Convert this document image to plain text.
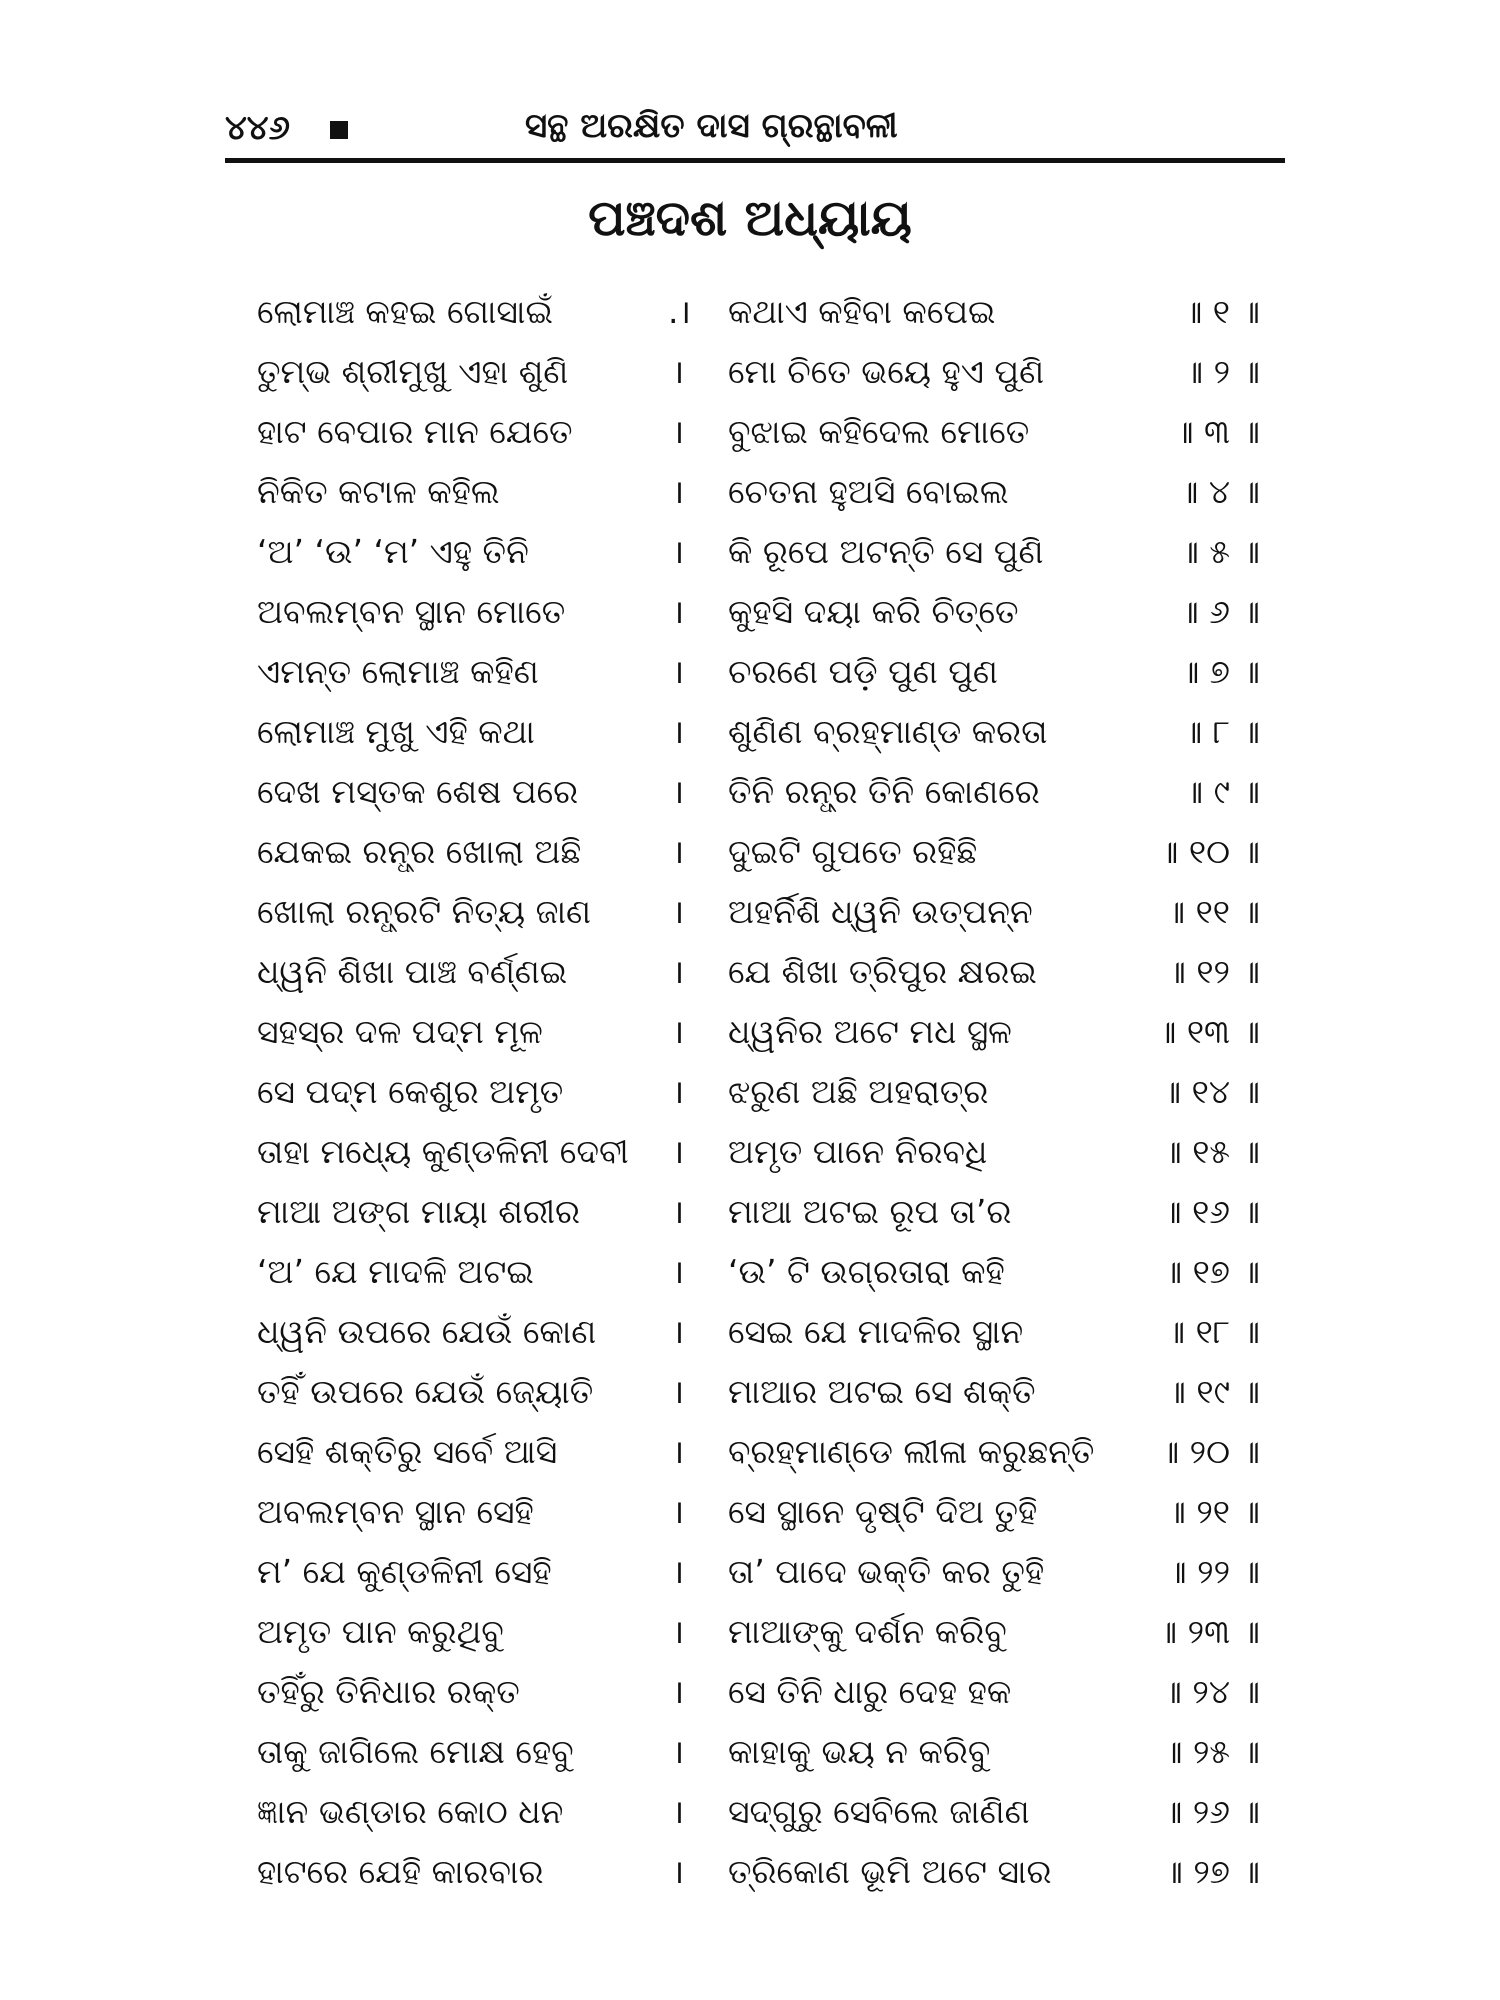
୪୪୬	ସନ୍ଥ ଅରକ୍ଷିତ ଦାସ ଗ୍ରନ୍ଥାବଳୀ
ପଞ୍ଚଦଶ ଅଧ୍ୟାୟ
ଲୋମାଞ୍ଚ କହଇ ଗୋସାଇଁ	.। କଥାଏ କହିବା କପେଇ	॥ ୧ ॥
ତୁମ୍ଭ ଶ୍ରୀମୁଖୁ ଏହା ଶୁଣି	। ମୋ ଚିତେ ଭୟେ ହୁଏ ପୁଣି	॥ ୨ ॥
ହାଟ ବେପାର ମାନ ଯେତେ	। ବୁଝାଇ କହିଦେଲ ମୋତେ	॥ ୩ ॥
ନିକିତ କଟାଳ କହିଲ	। ଚେତନା ହୁଅସି ବୋଇଲ	॥ ୪ ॥
‘ଅ’ ‘ଉ’ ‘ମ’ ଏହୁ ତିନି	। କି ରୂପେ ଅଟନ୍ତି ସେ ପୁଣି	॥ ୫ ॥
ଅବଲମ୍ବନ ସ୍ଥାନ ମୋତେ	। କୁହସି ଦୟା କରି ଚିତ୍ତେ	॥ ୬ ॥
ଏମନ୍ତ ଲୋମାଞ୍ଚ କହିଣ	। ଚରଣେ ପଡ଼ି ପୁଣ ପୁଣ	॥ ୭ ॥
ଲୋମାଞ୍ଚ ମୁଖୁ ଏହି କଥା	। ଶୁଣିଣ ବ୍ରହ୍ମାଣ୍ଡ କରତା	॥ ୮ ॥
ଦେଖ ମସ୍ତକ ଶେଷ ପରେ	। ତିନି ରନ୍ଧ୍ର ତିନି କୋଣରେ	॥ ୯ ॥
ଯେକଇ ରନ୍ଧ୍ର ଖୋଲା ଅଛି	। ଦୁଇଟି ଗୁପତେ ରହିଛି	॥ ୧୦ ॥
ଖୋଲା ରନ୍ଧ୍ରଟି ନିତ୍ୟ ଜାଣ । ଅହର୍ନିଶି ଧ୍ୱନି ଉତ୍ପନ୍ନ	॥ ୧୧ ॥
ଧ୍ୱନି ଶିଖା ପାଞ୍ଚ ବର୍ଣ୍ଣଇ	। ଯେ ଶିଖା ତ୍ରିପୁର କ୍ଷରଇ	॥ ୧୨ ॥
ସହସ୍ର ଦଳ ପଦ୍ମ ମୂଳ	। ଧ୍ୱନିର ଅଟେ ମଧ ସ୍ଥଳ	॥ ୧୩ ॥
ସେ ପଦ୍ମ କେଶୁର ଅମୃତ	। ଝରୁଣ ଅଛି ଅହରାତ୍ର	॥ ୧୪ ॥
ତାହା ମଧ୍ୟେ କୁଣ୍ଡଳିନୀ ଦେବୀ । ଅମୃତ ପାନେ ନିରବଧି	॥ ୧୫ ॥
ମାଆ ଅଙ୍ଗ ମାୟା ଶରୀର	। ମାଆ ଅଟଇ ରୂପ ତା’ର	॥ ୧୬ ॥
‘ଅ’ ଯେ ମାଦଳି ଅଟଇ	। ‘ଉ’ ଟି ଉଗ୍ରତାରା କହି	॥ ୧୭ ॥
ଧ୍ୱନି ଉପରେ ଯେଉଁ କୋଣ । ସେଇ ଯେ ମାଦଳିର ସ୍ଥାନ	॥ ୧୮ ॥
ତହିଁ ଉପରେ ଯେଉଁ ଜ୍ୟୋତି । ମାଆର ଅଟଇ ସେ ଶକ୍ତି	॥ ୧୯ ॥
ସେହି ଶକ୍ତିରୁ ସର୍ବେ ଆସି	। ବ୍ରହ୍ମାଣ୍ଡେ ଲୀଳା କରୁଛନ୍ତି ॥ ୨୦ ॥
ଅବଲମ୍ବନ ସ୍ଥାନ ସେହି	। ସେ ସ୍ଥାନେ ଦୃଷ୍ଟି ଦିଅ ତୁହି	॥ ୨୧ ॥
ମ’ ଯେ କୁଣ୍ଡଳିନୀ ସେହି	। ତା’ ପାଦେ ଭକ୍ତି କର ତୁହି	॥ ୨୨ ॥
ଅମୃତ ପାନ କରୁଥିବୁ	। ମାଆଙ୍କୁ ଦର୍ଶନ କରିବୁ	॥ ୨୩ ॥
ତହିଁରୁ ତିନିଧାର ରକ୍ତ	। ସେ ତିନି ଧାରୁ ଦେହ ହକ	॥ ୨୪ ॥
ତାକୁ ଜାଗିଲେ ମୋକ୍ଷ ହେବୁ	। କାହାକୁ ଭୟ ନ କରିବୁ	॥ ୨୫ ॥
ଜ୍ଞାନ ଭଣ୍ଡାର କୋଠ ଧନ	। ସଦ୍‌ଗୁରୁ ସେବିଲେ ଜାଣିଣ	॥ ୨୬ ॥
ହାଟରେ ଯେହି କାରବାର	। ତ୍ରିକୋଣ ଭୂମି ଅଟେ ସାର	॥ ୨୭ ॥
